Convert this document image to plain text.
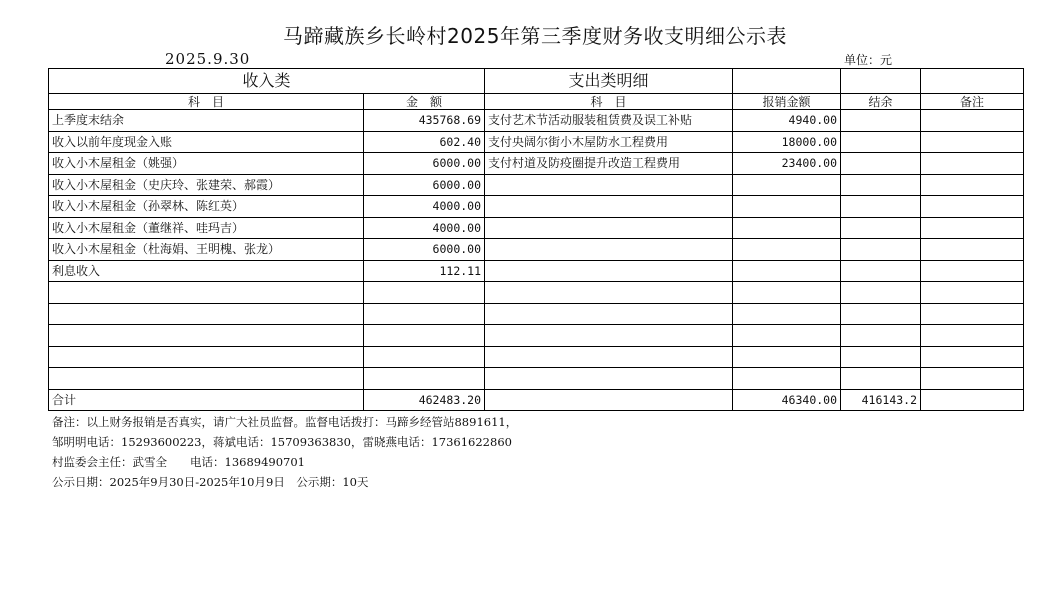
马蹄藏族乡长岭村2025年第三季度财务收支明细公示表
2025.9.30	单位：元
收入类		支出类明细			
科　目	金　额	科　目	报销金额	结余	备注
上季度末结余	435768.69	支付艺术节活动服装租赁费及误工补贴	4940.00		
收入以前年度现金入账	602.40	支付央阔尔街小木屋防水工程费用	18000.00		
收入小木屋租金（姚强）	6000.00	支付村道及防疫圈提升改造工程费用	23400.00		
收入小木屋租金（史庆玲、张建荣、郝霞）	6000.00				
收入小木屋租金（孙翠林、陈红英）	4000.00				
收入小木屋租金（董继祥、哇玛吉）	4000.00				
收入小木屋租金（杜海娟、王明槐、张龙）	6000.00				
利息收入	112.11				

合计	462483.20		46340.00	416143.2	
备注：以上财务报销是否真实，请广大社员监督。监督电话拨打：马蹄乡经管站8891611，
邹明明电话：15293600223，蒋斌电话：15709363830，雷晓燕电话：17361622860
村监委会主任：武雪全　　电话：13689490701
公示日期：2025年9月30日-2025年10月9日　公示期：10天
